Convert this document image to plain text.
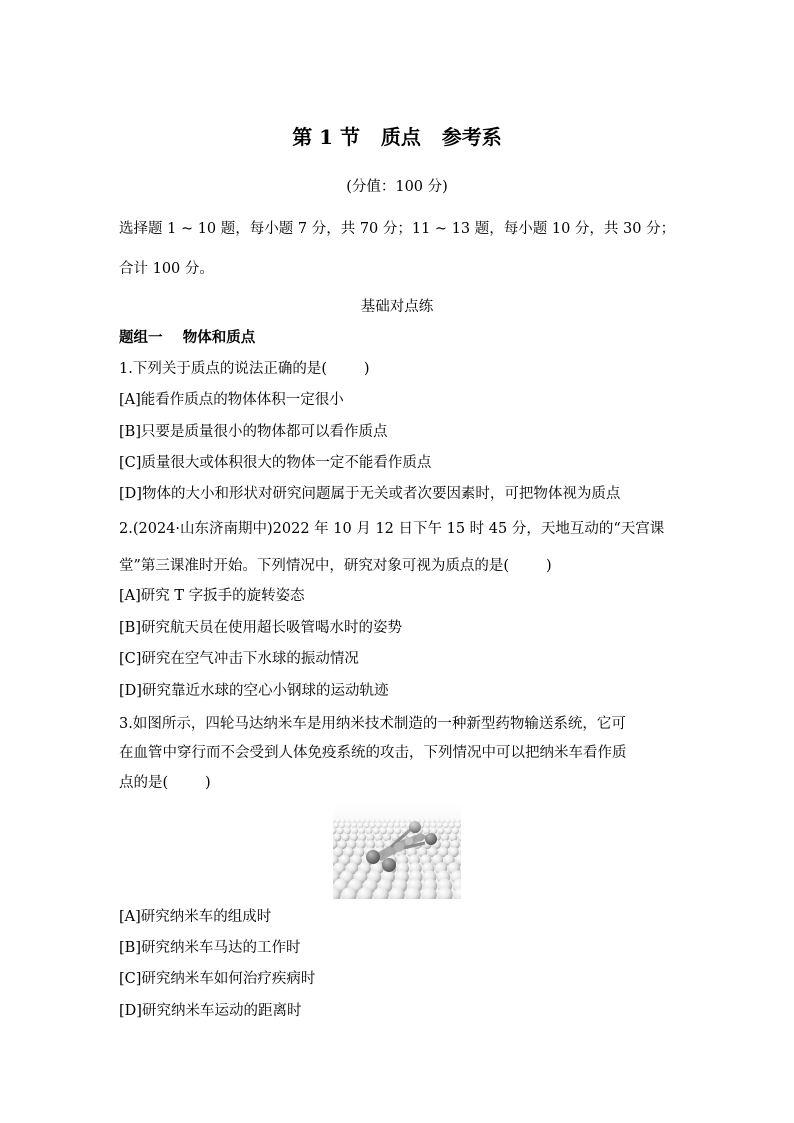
第 1 节   质点   参考系
(分值：100 分)
选择题 1 ~ 10 题，每小题 7 分，共 70 分；11 ~ 13 题，每小题 10 分，共 30 分；
合计 100 分。
基础对点练
题组一    物体和质点
1.下列关于质点的说法正确的是(        )
[A]能看作质点的物体体积一定很小
[B]只要是质量很小的物体都可以看作质点
[C]质量很大或体积很大的物体一定不能看作质点
[D]物体的大小和形状对研究问题属于无关或者次要因素时，可把物体视为质点
2.(2024·山东济南期中)2022 年 10 月 12 日下午 15 时 45 分，天地互动的“天宫课
堂”第三课准时开始。下列情况中，研究对象可视为质点的是(        )
[A]研究 T 字扳手的旋转姿态
[B]研究航天员在使用超长吸管喝水时的姿势
[C]研究在空气冲击下水球的振动情况
[D]研究靠近水球的空心小钢球的运动轨迹
3.如图所示，四轮马达纳米车是用纳米技术制造的一种新型药物输送系统，它可
在血管中穿行而不会受到人体免疫系统的攻击，下列情况中可以把纳米车看作质
点的是(        )
[A]研究纳米车的组成时
[B]研究纳米车马达的工作时
[C]研究纳米车如何治疗疾病时
[D]研究纳米车运动的距离时
